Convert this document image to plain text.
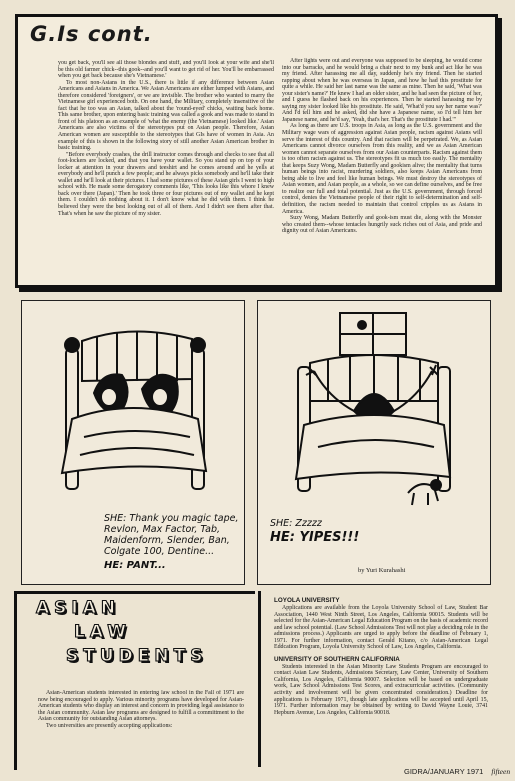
G.Is cont.

you get back, you'll see all those blondes and stuff, and you'll look at your wife and she'll be this old farmer chick--this gook--and you'll want to get rid of her. You'll be embarrassed when you get back because she's Vietnamese.'

To most non-Asians in the U.S., there is little if any difference between Asian Americans and Asians in America. We Asian Americans are either lumped with Asians, and therefore considered 'foreigners', or we are invisible. The brother who wanted to marry the Vietnamese girl experienced both. On one hand, the Military, completely insensitive of the fact that he too was an Asian, talked about the 'round-eyed' chicks, waiting back home. This same brother, upon entering basic training was called a gook and was made to stand in front of his platoon as an example of 'what the enemy (the Vietnamese) looked like.' Asian Americans are also victims of the stereotypes put on Asian people. Therefore, Asian American women are susceptible to the stereotypes that GIs have of women in Asia. An example of this is shown in the following story of still another Asian American brother in basic training.

"Before everybody crashes, the drill instructor comes through and checks to see that all foot-lockers are locked, and that you have your wallet. So you stand up on top of your locker at attention in your drawers and teeshirt and he comes around and he yells at everybody and he'll punch a few people; and he always picks somebody and he'll take their wallet and he'll look at their pictures. I had some pictures of these Asian girls I went to high school with. He made some derogatory comments like, 'This looks like this whore I knew back over there (Japan).' Then he took three or four pictures out of my wallet and he kept them. I couldn't do nothing about it. I don't know what he did with them. I think he believed they were the best looking out of all of them. And I didn't see them after that. That's when he saw the picture of my sister.

After lights were out and everyone was supposed to be sleeping, he would come into our barracks, and he would bring a chair next to my bunk and act like he was my friend. After harassing me all day, suddenly he's my friend. Then he started rapping about when he was overseas in Japan, and how he had this prostitute for quite a while. He said her last name was the same as mine. Then he said, 'What was your sister's name?' He knew I had an older sister, and he had seen the picture of her, and I guess he flashed back on his experiences. Then he started harassing me by saying my sister looked like his prostitute. He said, 'What'd you say her name was?' And I'd tell him and he asked, did she have a Japanese name, so I'd tell him her Japanese name, and he'd say, 'Yeah, that's her. That's the prostitute I had.'"

As long as there are U.S. troops in Asia, as long as the U.S. government and the Military wage wars of aggression against Asian people, racism against Asians will serve the interest of this country. And that racism will be perpetrated. We, as Asian Americans cannot divorce ourselves from this reality, and we as Asian American women cannot separate ourselves from our Asian counterparts. Racism against them is too often racism against us. The stereotypes fit us much too easily. The mentality that keeps Suzy Wong, Madam Butterfly and gookism alive; the mentality that turns human beings into racist, murdering soldiers, also keeps Asian Americans from being able to live and feel like human beings. We must destroy the stereotypes of Asian women, and Asian people, as a whole, so we can define ourselves, and be free to realize our full and total potential. Just as the U.S. government, through forced control, denies the Vietnamese people of their right to self-determination and self-definition, the racism needed to maintain that control cripples us as Asians in America.

Suzy Wong, Madam Butterfly and gook-ism must die, along with the Monster who created them--whose tentacles hungrily suck riches out of Asia, and pride and dignity out of Asian Americans.

SHE: Thank you magic tape, Revlon, Max Factor, Tab, Maidenform, Slender, Ban, Colgate 100, Dentine...
HE: PANT...
SHE: Zzzzz
HE: YIPES!!!
by Yuri Kurahashi
ASIAN
LAW
STUDENTS

Asian-American students interested in entering law school in the Fall of 1971 are now being encouraged to apply. Various minority programs have developed for Asian-American students who display an interest and concern in providing legal assistance to the Asian community. Asian law programs are designed to fulfill a committment to the Asian community for outstanding Asian attorneys.

Two universities are presently accepting applications:

LOYOLA UNIVERSITY

Applications are available from the Loyola University School of Law, Student Bar Association, 1440 West Ninth Street, Los Angeles, California 90015. Students will be selected for the Asian-American Legal Education Program on the basis of academic record and law school potential. (Law School Admissions Test will not play a deciding role in the admissions process.) Applicants are urged to apply before the deadline of February 1, 1971. For further information, contact Gerald Kitano, c/o Asian-American Legal Eddcation Program, Loyola University School of Law, Los Angeles, California.

UNIVERSITY OF SOUTHERN CALIFORNIA

Students interested in the Asian Minority Law Students Program are encouraged to contact Asian Law Students, Admissions Secretary, Law Center, University of Southern California, Los Angeles, California 90007. Selection will be based on undergraduate work, Law School Admissions Test Scores, and extracurricular activities. (Community activity and involvement will be given concentrated consideration.) Deadline for applications is February 1971, though late applications will be accepted until April 15, 1971. Further information may be obtained by writing to David Wayne Louie, 3741 Hepburn Avenue, Los Angeles, California 90018.

GIDRA/JANUARY 1971 fifteen
